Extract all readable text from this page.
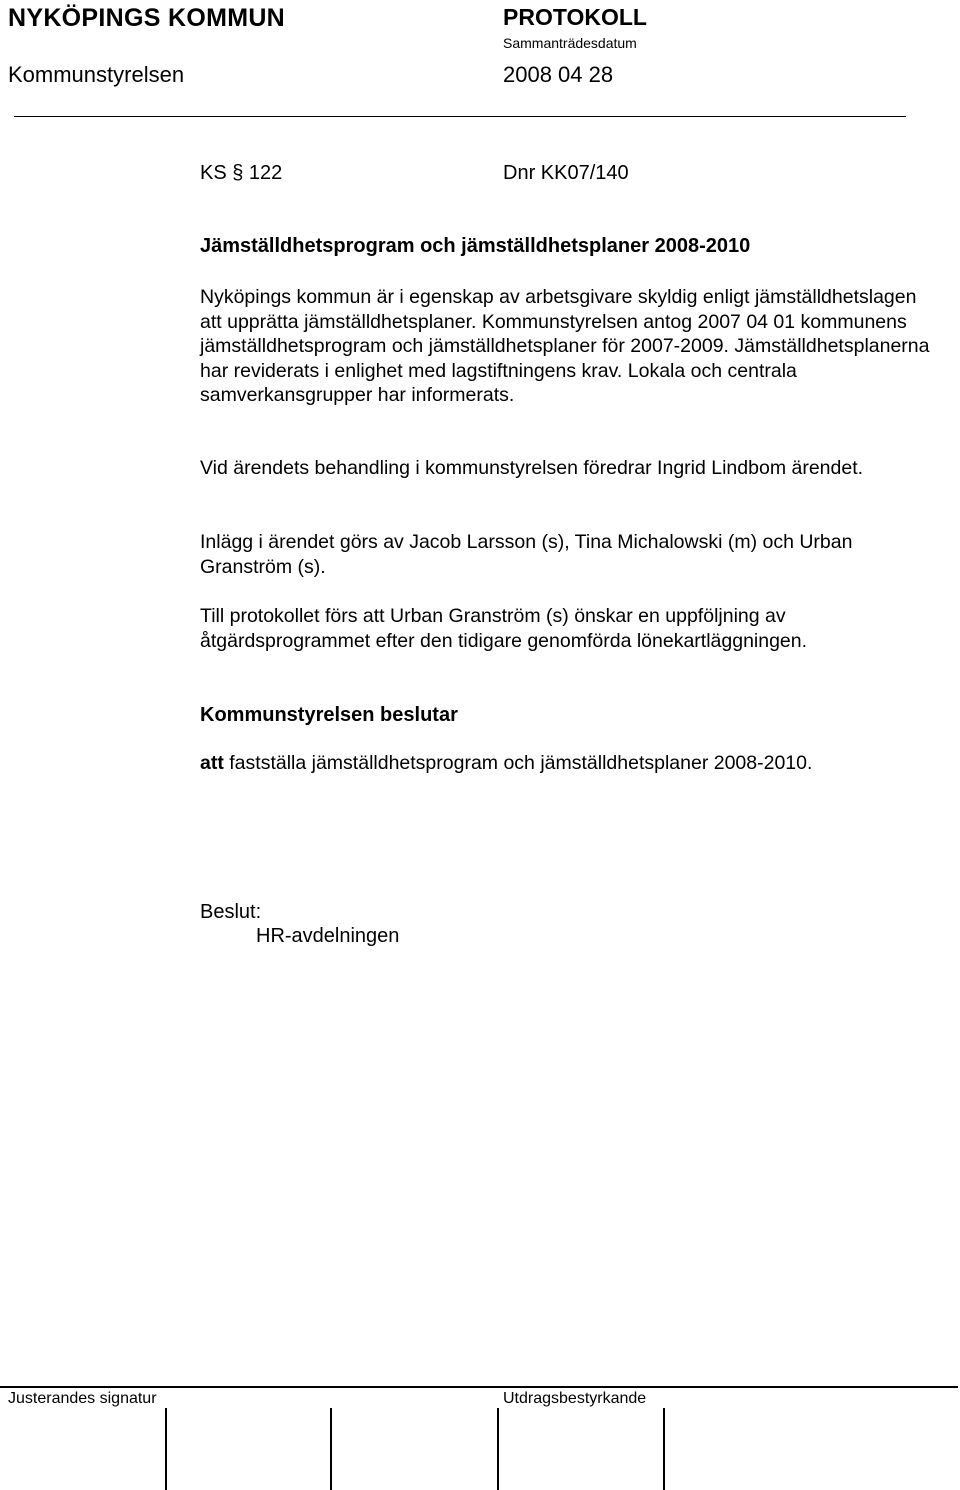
NYKÖPINGS KOMMUN	PROTOKOLL
Sammanträdesdatum
Kommunstyrelsen	2008 04 28
KS § 122	Dnr KK07/140
Jämställdhetsprogram och jämställdhetsplaner 2008-2010
Nyköpings kommun är i egenskap av arbetsgivare skyldig enligt jämställdhetslagen att upprätta jämställdhetsplaner. Kommunstyrelsen antog 2007 04 01 kommunens jämställdhetsprogram och jämställdhetsplaner för 2007-2009. Jämställdhetsplanerna har reviderats i enlighet med lagstiftningens krav. Lokala och centrala samverkansgrupper har informerats.
Vid ärendets behandling i kommunstyrelsen föredrar Ingrid Lindbom ärendet.
Inlägg i ärendet görs av Jacob Larsson (s), Tina Michalowski (m) och Urban Granström (s).
Till protokollet förs att Urban Granström (s) önskar en uppföljning av åtgärdsprogrammet efter den tidigare genomförda lönekartläggningen.
Kommunstyrelsen beslutar
att fastställa jämställdhetsprogram och jämställdhetsplaner 2008-2010.
Beslut:
HR-avdelningen
Justerandes signatur	Utdragsbestyrkande
